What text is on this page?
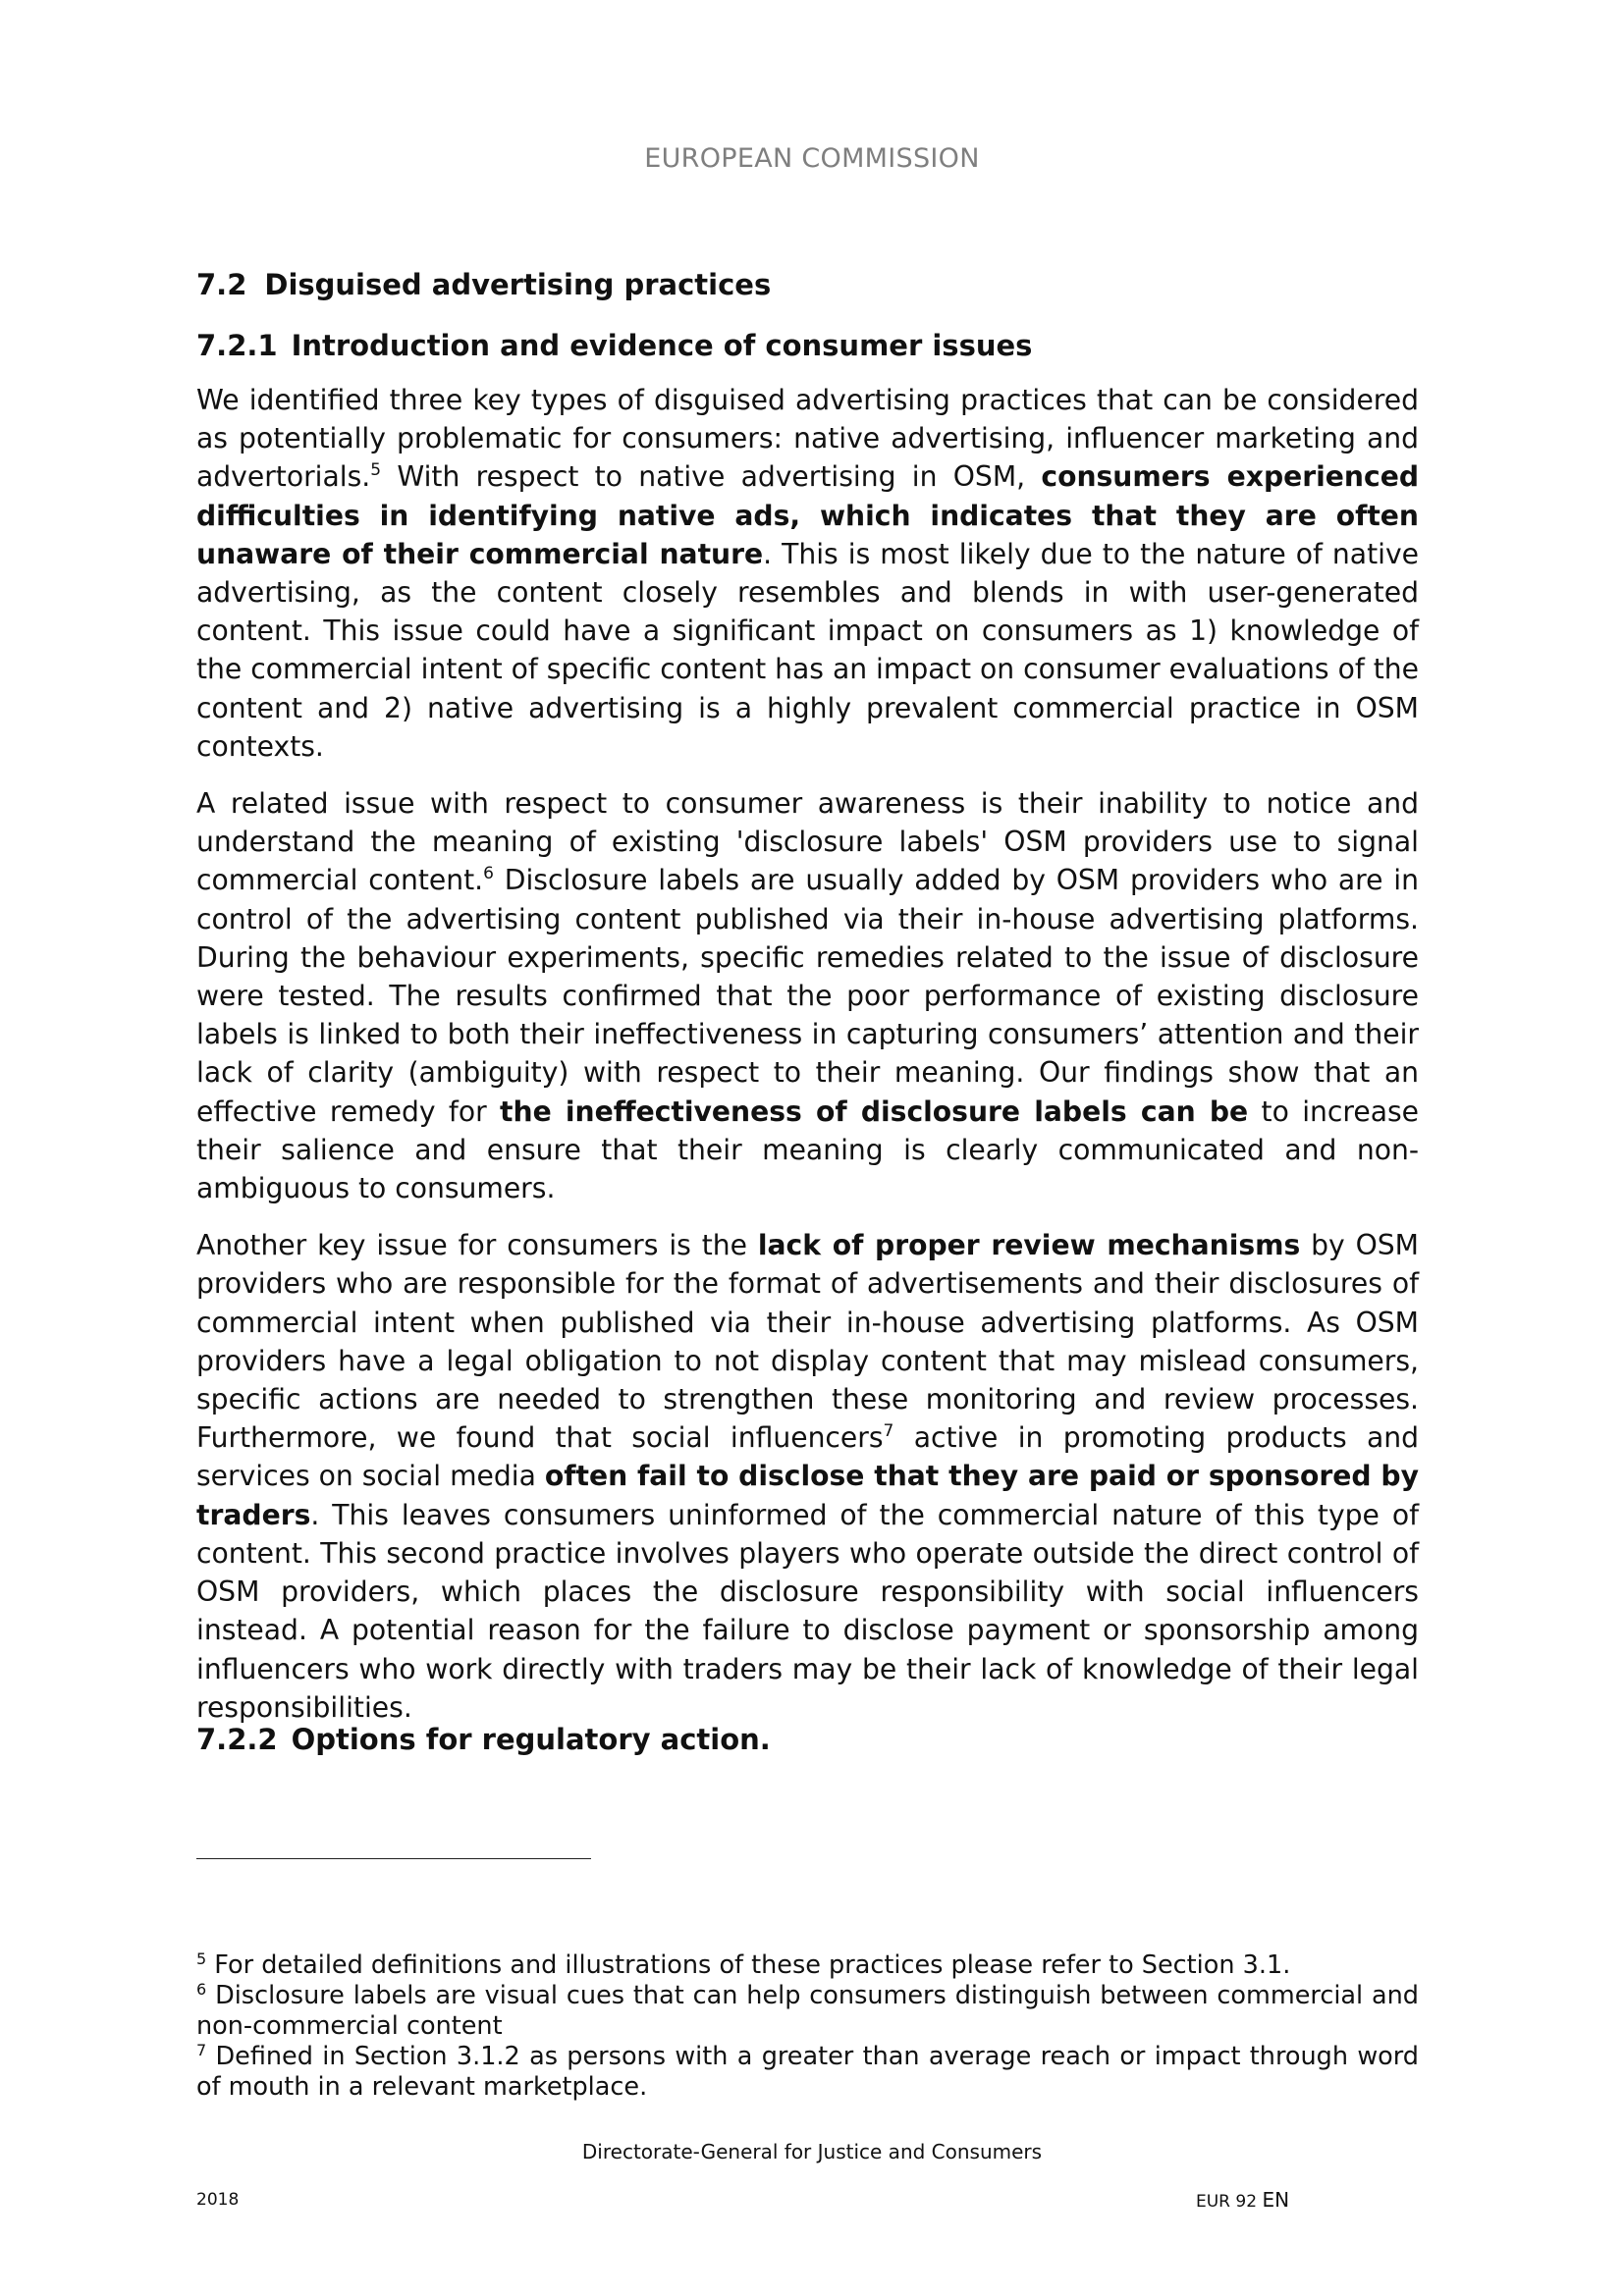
EUROPEAN COMMISSION
7.2 Disguised advertising practices
7.2.1 Introduction and evidence of consumer issues

We identified three key types of disguised advertising practices that can be considered as potentially problematic for consumers: native advertising, influencer marketing and advertorials.$^5$ With respect to native advertising in OSM, consumers experienced difficulties in identifying native ads, which indicates that they are often unaware of their commercial nature. This is most likely due to the nature of native advertising, as the content closely resembles and blends in with user-generated content. This issue could have a significant impact on consumers as 1) knowledge of the commercial intent of specific content has an impact on consumer evaluations of the content and 2) native advertising is a highly prevalent commercial practice in OSM contexts.

A related issue with respect to consumer awareness is their inability to notice and understand the meaning of existing 'disclosure labels' OSM providers use to signal commercial content.$^6$ Disclosure labels are usually added by OSM providers who are in control of the advertising content published via their in-house advertising platforms. During the behaviour experiments, specific remedies related to the issue of disclosure were tested. The results confirmed that the poor performance of existing disclosure labels is linked to both their ineffectiveness in capturing consumers’ attention and their lack of clarity (ambiguity) with respect to their meaning. Our findings show that an effective remedy for the ineffectiveness of disclosure labels can be to increase their salience and ensure that their meaning is clearly communicated and non-ambiguous to consumers.

Another key issue for consumers is the lack of proper review mechanisms by OSM providers who are responsible for the format of advertisements and their disclosures of commercial intent when published via their in-house advertising platforms. As OSM providers have a legal obligation to not display content that may mislead consumers, specific actions are needed to strengthen these monitoring and review processes. Furthermore, we found that social influencers$^7$ active in promoting products and services on social media often fail to disclose that they are paid or sponsored by traders. This leaves consumers uninformed of the commercial nature of this type of content. This second practice involves players who operate outside the direct control of OSM providers, which places the disclosure responsibility with social influencers instead. A potential reason for the failure to disclose payment or sponsorship among influencers who work directly with traders may be their lack of knowledge of their legal responsibilities.

7.2.2 Options for regulatory action.

$^5$ For detailed definitions and illustrations of these practices please refer to Section 3.1.

$^6$ Disclosure labels are visual cues that can help consumers distinguish between commercial and non-commercial content

$^7$ Defined in Section 3.1.2 as persons with a greater than average reach or impact through word of mouth in a relevant marketplace.

Directorate-General for Justice and Consumers
2018	EUR 92 EN
